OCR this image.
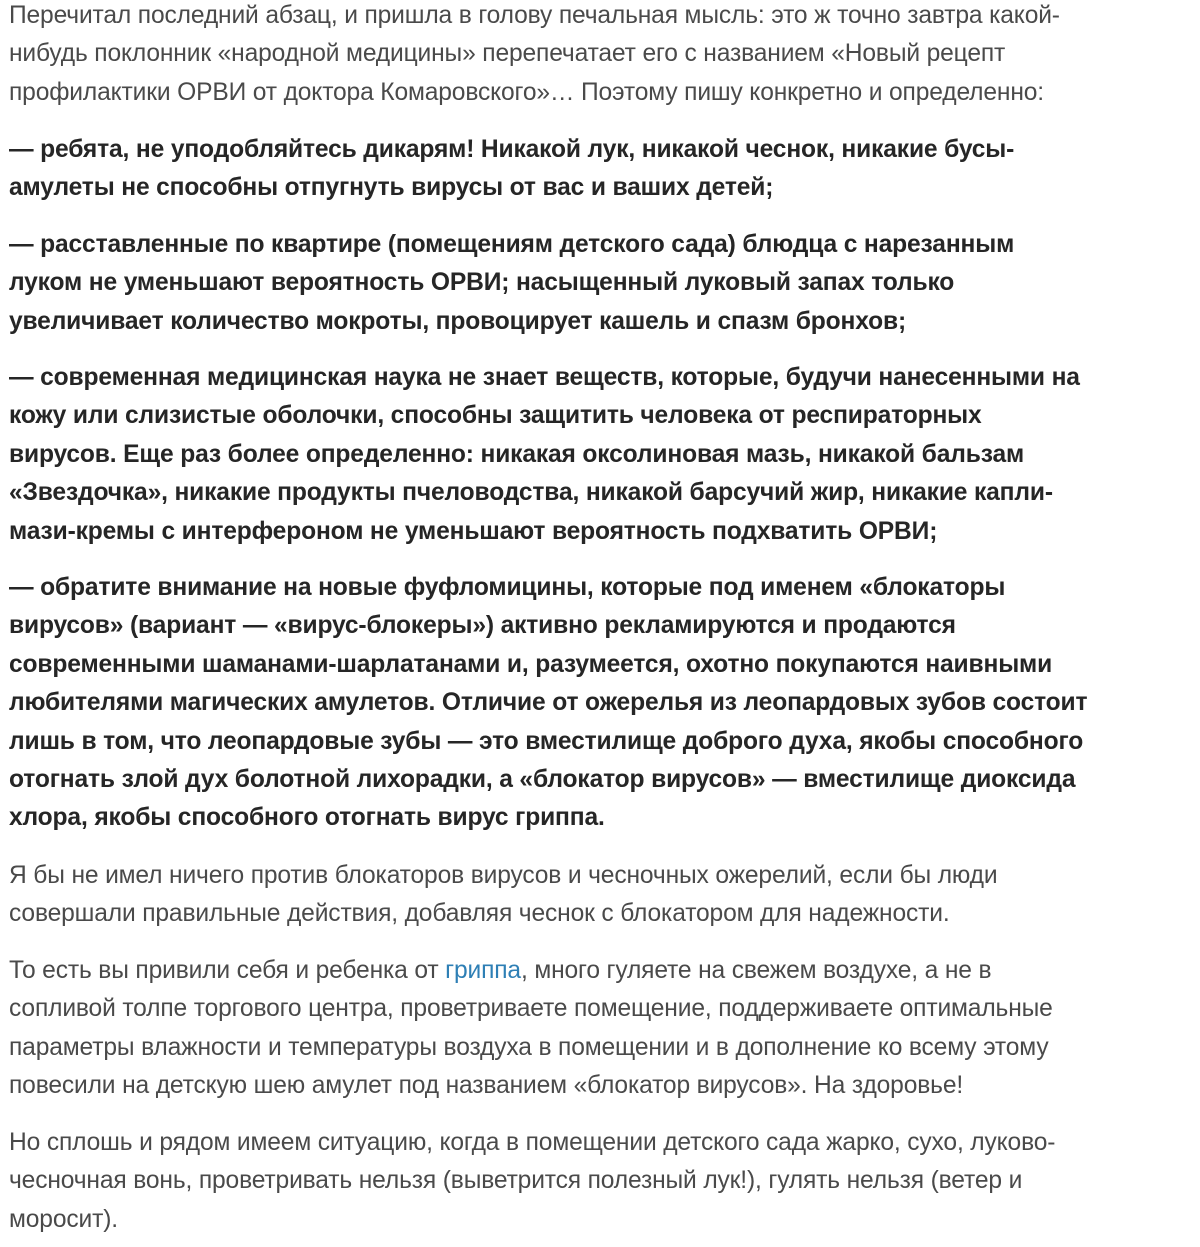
Перечитал последний абзац, и пришла в голову печальная мысль: это ж точно завтра какой-
нибудь поклонник «народной медицины» перепечатает его с названием «Новый рецепт
профилактики ОРВИ от доктора Комаровского»… Поэтому пишу конкретно и определенно:

— ребята, не уподобляйтесь дикарям! Никакой лук, никакой чеснок, никакие бусы-
амулеты не способны отпугнуть вирусы от вас и ваших детей;

— расставленные по квартире (помещениям детского сада) блюдца с нарезанным
луком не уменьшают вероятность ОРВИ; насыщенный луковый запах только
увеличивает количество мокроты, провоцирует кашель и спазм бронхов;

— современная медицинская наука не знает веществ, которые, будучи нанесенными на
кожу или слизистые оболочки, способны защитить человека от респираторных
вирусов. Еще раз более определенно: никакая оксолиновая мазь, никакой бальзам
«Звездочка», никакие продукты пчеловодства, никакой барсучий жир, никакие капли-
мази-кремы с интерфероном не уменьшают вероятность подхватить ОРВИ;

— обратите внимание на новые фуфломицины, которые под именем «блокаторы
вирусов» (вариант — «вирус-блокеры») активно рекламируются и продаются
современными шаманами-шарлатанами и, разумеется, охотно покупаются наивными
любителями магических амулетов. Отличие от ожерелья из леопардовых зубов состоит
лишь в том, что леопардовые зубы — это вместилище доброго духа, якобы способного
отогнать злой дух болотной лихорадки, а «блокатор вирусов» — вместилище диоксида
хлора, якобы способного отогнать вирус гриппа.

Я бы не имел ничего против блокаторов вирусов и чесночных ожерелий, если бы люди
совершали правильные действия, добавляя чеснок с блокатором для надежности.

То есть вы привили себя и ребенка от гриппа, много гуляете на свежем воздухе, а не в
сопливой толпе торгового центра, проветриваете помещение, поддерживаете оптимальные
параметры влажности и температуры воздуха в помещении и в дополнение ко всему этому
повесили на детскую шею амулет под названием «блокатор вирусов». На здоровье!

Но сплошь и рядом имеем ситуацию, когда в помещении детского сада жарко, сухо, луково-
чесночная вонь, проветривать нельзя (выветрится полезный лук!), гулять нельзя (ветер и
моросит).
